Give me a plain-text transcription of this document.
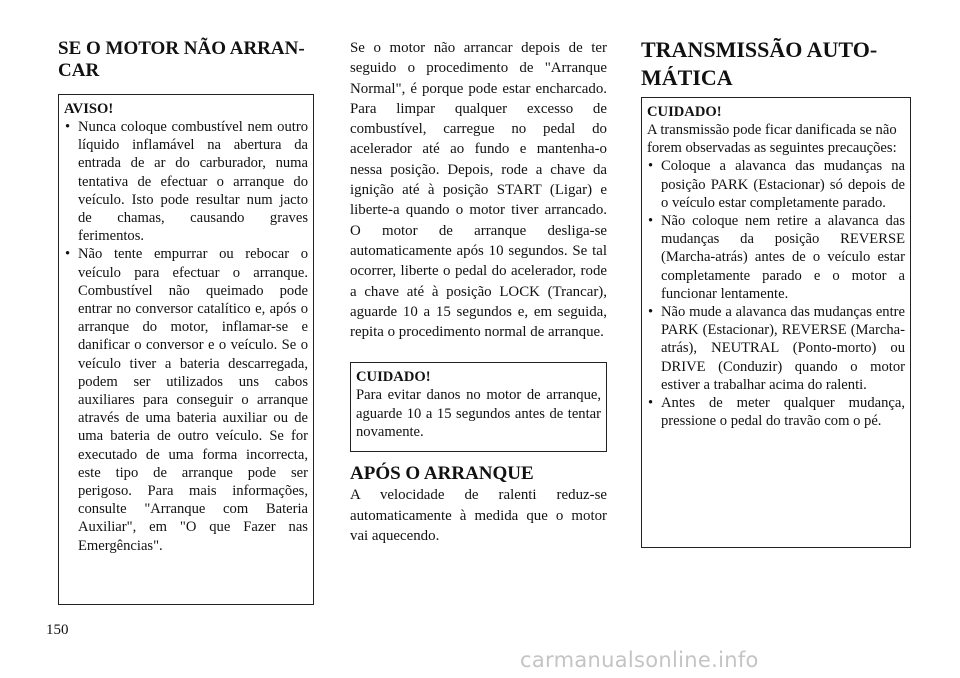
SE O MOTOR NÃO ARRAN-
CAR
AVISO!
• Nunca coloque combustível nem outro líquido inflamável na abertura da entrada de ar do carburador, numa tentativa de efectuar o arranque do veículo. Isto pode resultar num jacto de chamas, causando graves ferimentos.
• Não tente empurrar ou rebocar o veículo para efectuar o arranque. Combustível não queimado pode entrar no conversor catalítico e, após o arranque do motor, inflamar-se e danificar o conversor e o veículo. Se o veículo tiver a bateria descarregada, podem ser utilizados uns cabos auxiliares para conseguir o arranque através de uma bateria auxiliar ou de uma bateria de outro veículo. Se for executado de uma forma incorrecta, este tipo de arranque pode ser perigoso. Para mais informações, consulte "Arranque com Bateria Auxiliar", em "O que Fazer nas Emergências".

Se o motor não arrancar depois de ter seguido o procedimento de "Arranque Normal", é porque pode estar encharcado. Para limpar qualquer excesso de combustível, carregue no pedal do acelerador até ao fundo e mantenha-o nessa posição. Depois, rode a chave da ignição até à posição START (Ligar) e liberte-a quando o motor tiver arrancado. O motor de arranque desliga-se automaticamente após 10 segundos. Se tal ocorrer, liberte o pedal do acelerador, rode a chave até à posição LOCK (Trancar), aguarde 10 a 15 segundos e, em seguida, repita o procedimento normal de arranque.

CUIDADO!

Para evitar danos no motor de arranque, aguarde 10 a 15 segundos antes de tentar novamente.

APÓS O ARRANQUE

A velocidade de ralenti reduz-se automaticamente à medida que o motor vai aquecendo.

TRANSMISSÃO AUTO-
MÁTICA
CUIDADO!

A transmissão pode ficar danificada se não forem observadas as seguintes precauções:

• Coloque a alavanca das mudanças na posição PARK (Estacionar) só depois de o veículo estar completamente parado.
• Não coloque nem retire a alavanca das mudanças da posição REVERSE (Marcha-atrás) antes de o veículo estar completamente parado e o motor a funcionar lentamente.
• Não mude a alavanca das mudanças entre PARK (Estacionar), REVERSE (Marcha-atrás), NEUTRAL (Ponto-morto) ou DRIVE (Conduzir) quando o motor estiver a trabalhar acima do ralenti.
• Antes de meter qualquer mudança, pressione o pedal do travão com o pé.
150
carmanualsonline.info
